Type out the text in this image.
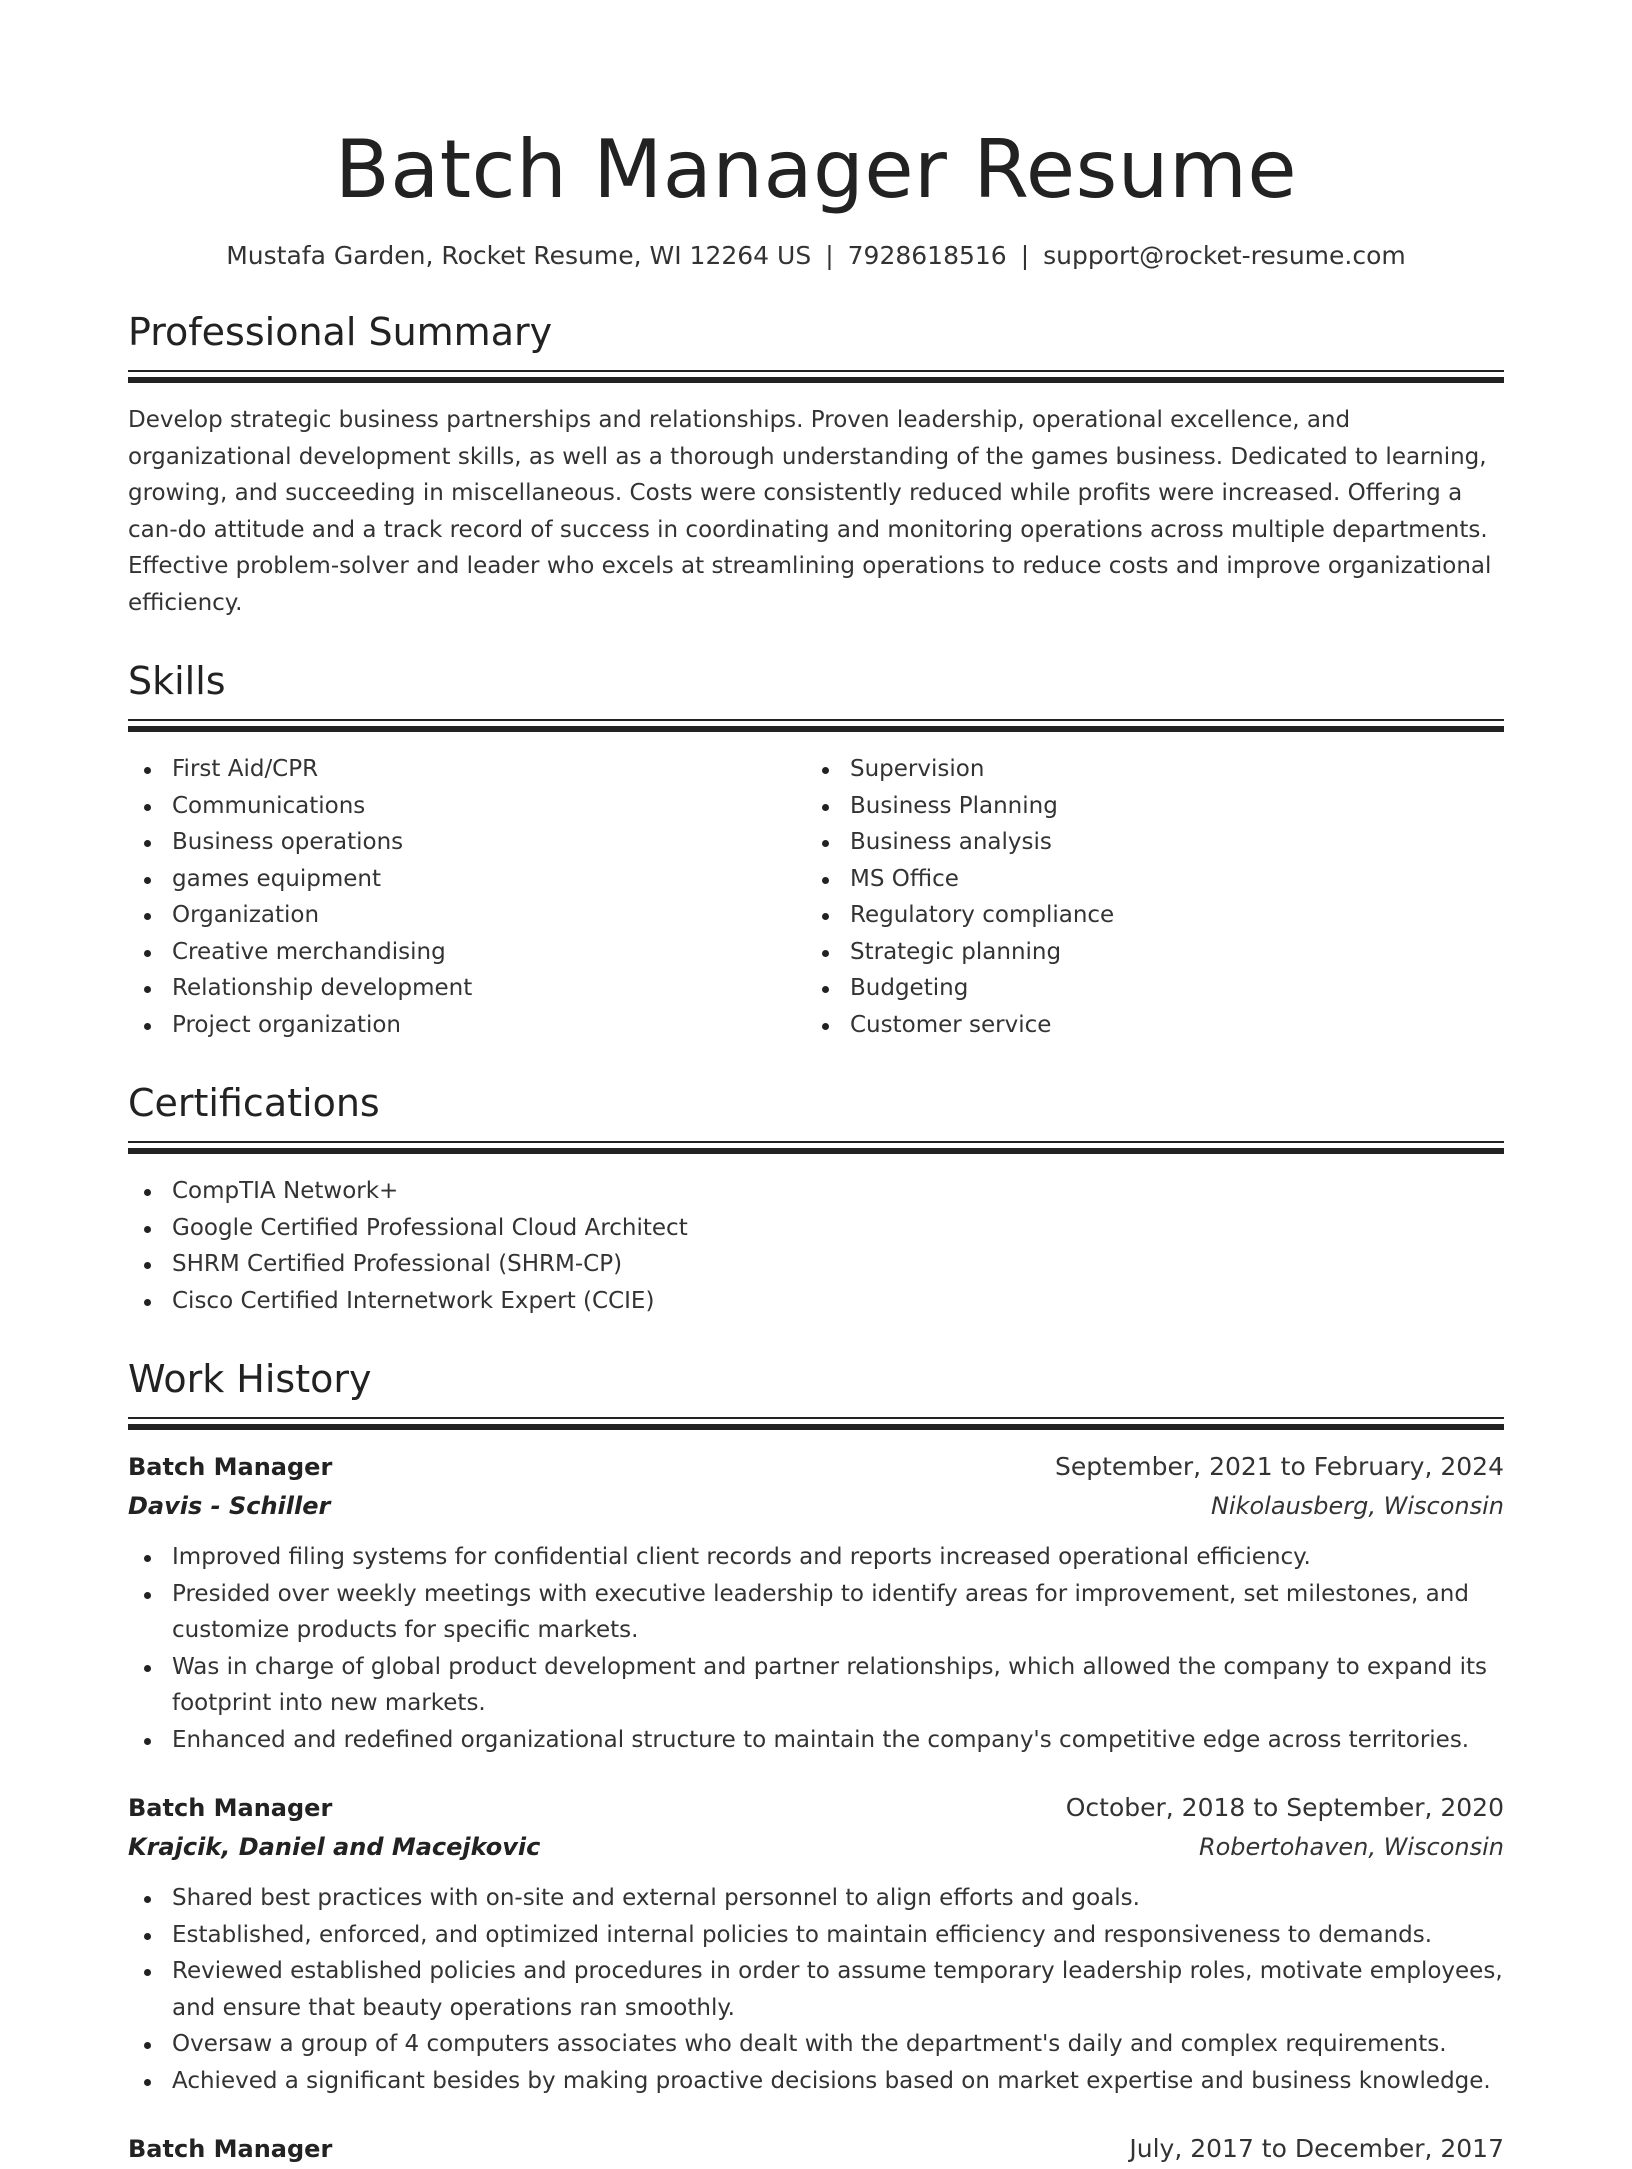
Batch Manager Resume
Mustafa Garden, Rocket Resume, WI 12264 US | 7928618516 | support@rocket-resume.com
Professional Summary

Develop strategic business partnerships and relationships. Proven leadership, operational excellence, and organizational development skills, as well as a thorough understanding of the games business. Dedicated to learning, growing, and succeeding in miscellaneous. Costs were consistently reduced while profits were increased. Offering a can-do attitude and a track record of success in coordinating and monitoring operations across multiple departments. Effective problem-solver and leader who excels at streamlining operations to reduce costs and improve organizational efficiency.

Skills
First Aid/CPR
Communications
Business operations
games equipment
Organization
Creative merchandising
Relationship development
Project organization
Supervision
Business Planning
Business analysis
MS Office
Regulatory compliance
Strategic planning
Budgeting
Customer service
Certifications
CompTIA Network+
Google Certified Professional Cloud Architect
SHRM Certified Professional (SHRM-CP)
Cisco Certified Internetwork Expert (CCIE)
Work History
Batch Manager	September, 2021 to February, 2024
Davis - Schiller	Nikolausberg, Wisconsin
Improved filing systems for confidential client records and reports increased operational efficiency.
Presided over weekly meetings with executive leadership to identify areas for improvement, set milestones, and customize products for specific markets.
Was in charge of global product development and partner relationships, which allowed the company to expand its footprint into new markets.
Enhanced and redefined organizational structure to maintain the company's competitive edge across territories.
Batch Manager	October, 2018 to September, 2020
Krajcik, Daniel and Macejkovic	Robertohaven, Wisconsin
Shared best practices with on-site and external personnel to align efforts and goals.
Established, enforced, and optimized internal policies to maintain efficiency and responsiveness to demands.
Reviewed established policies and procedures in order to assume temporary leadership roles, motivate employees, and ensure that beauty operations ran smoothly.
Oversaw a group of 4 computers associates who dealt with the department's daily and complex requirements.
Achieved a significant besides by making proactive decisions based on market expertise and business knowledge.
Batch Manager	July, 2017 to December, 2017
